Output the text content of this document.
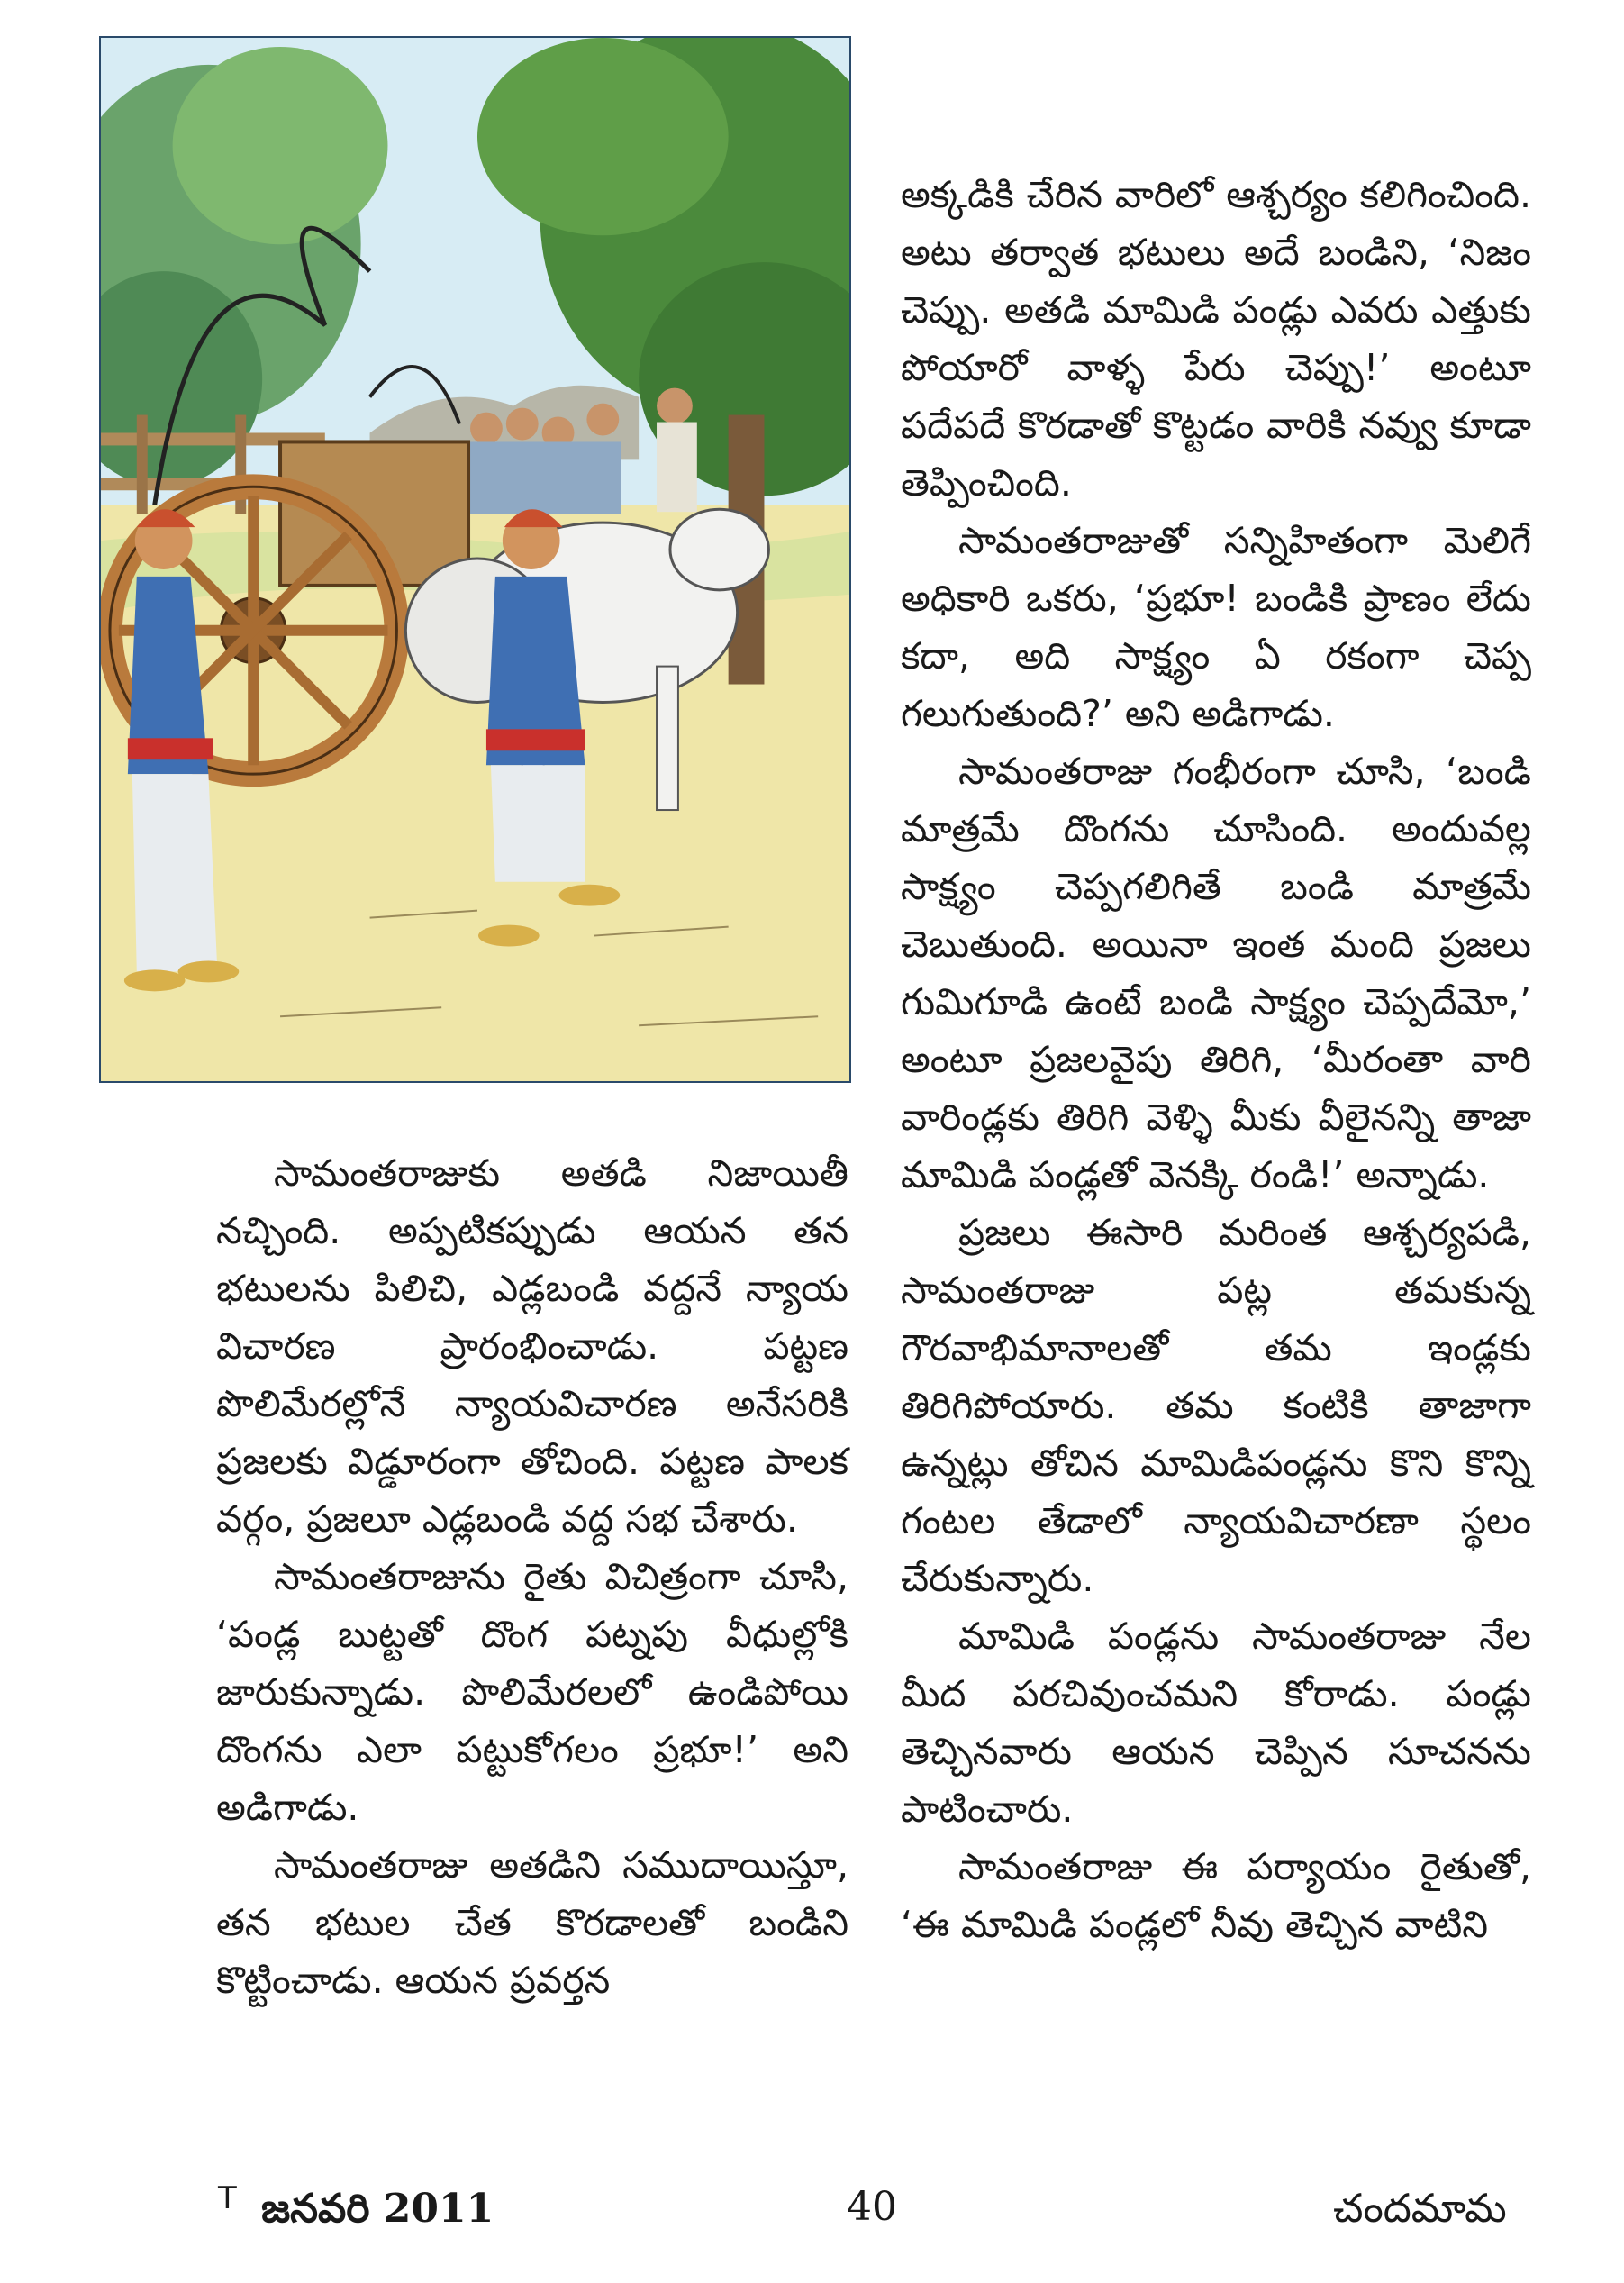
అక్కడికి చేరిన వారిలో ఆశ్చర్యం కలిగించింది. అటు తర్వాత భటులు అదే బండిని, ‘నిజం చెప్పు. అతడి మామిడి పండ్లు ఎవరు ఎత్తుకు పోయారో వాళ్ళ పేరు చెప్పు!’ అంటూ పదేపదే కొరడాతో కొట్టడం వారికి నవ్వు కూడా తెప్పించింది.

సామంతరాజుతో సన్నిహితంగా మెలిగే అధికారి ఒకరు, ‘ప్రభూ! బండికి ప్రాణం లేదు కదా, అది సాక్ష్యం ఏ రకంగా చెప్ప గలుగుతుంది?’ అని అడిగాడు.

సామంతరాజు గంభీరంగా చూసి, ‘బండి మాత్రమే దొంగను చూసింది. అందువల్ల సాక్ష్యం చెప్పగలిగితే బండి మాత్రమే చెబుతుంది. అయినా ఇంత మంది ప్రజలు గుమిగూడి ఉంటే బండి సాక్ష్యం చెప్పదేమో,’ అంటూ ప్రజలవైపు తిరిగి, ‘మీరంతా వారి వారిండ్లకు తిరిగి వెళ్ళి మీకు వీలైనన్ని తాజా మామిడి పండ్లతో వెనక్కి రండి!’ అన్నాడు.

ప్రజలు ఈసారి మరింత ఆశ్చర్యపడి, సామంతరాజు పట్ల తమకున్న గౌరవాభిమానాలతో తమ ఇండ్లకు తిరిగిపోయారు. తమ కంటికి తాజాగా ఉన్నట్లు తోచిన మామిడిపండ్లను కొని కొన్ని గంటల తేడాలో న్యాయవిచారణా స్థలం చేరుకున్నారు.

మామిడి పండ్లను సామంతరాజు నేల మీద పరచివుంచమని కోరాడు. పండ్లు తెచ్చినవారు ఆయన చెప్పిన సూచనను పాటించారు.

సామంతరాజు ఈ పర్యాయం రైతుతో, ‘ఈ మామిడి పండ్లలో నీవు తెచ్చిన వాటిని

సామంతరాజుకు అతడి నిజాయితీ నచ్చింది. అప్పటికప్పుడు ఆయన తన భటులను పిలిచి, ఎడ్లబండి వద్దనే న్యాయ విచారణ ప్రారంభించాడు. పట్టణ పొలిమేరల్లోనే న్యాయవిచారణ అనేసరికి ప్రజలకు విడ్డూరంగా తోచింది. పట్టణ పాలక వర్గం, ప్రజలూ ఎడ్లబండి వద్ద సభ చేశారు.

సామంతరాజును రైతు విచిత్రంగా చూసి, ‘పండ్ల బుట్టతో దొంగ పట్నపు వీధుల్లోకి జారుకున్నాడు. పొలిమేరలలో ఉండిపోయి దొంగను ఎలా పట్టుకోగలం ప్రభూ!’ అని అడిగాడు.

సామంతరాజు అతడిని సముదాయిస్తూ, తన భటుల చేత కొరడాలతో బండిని కొట్టించాడు. ఆయన ప్రవర్తన

T జనవరి 2011	40	చందమామ
